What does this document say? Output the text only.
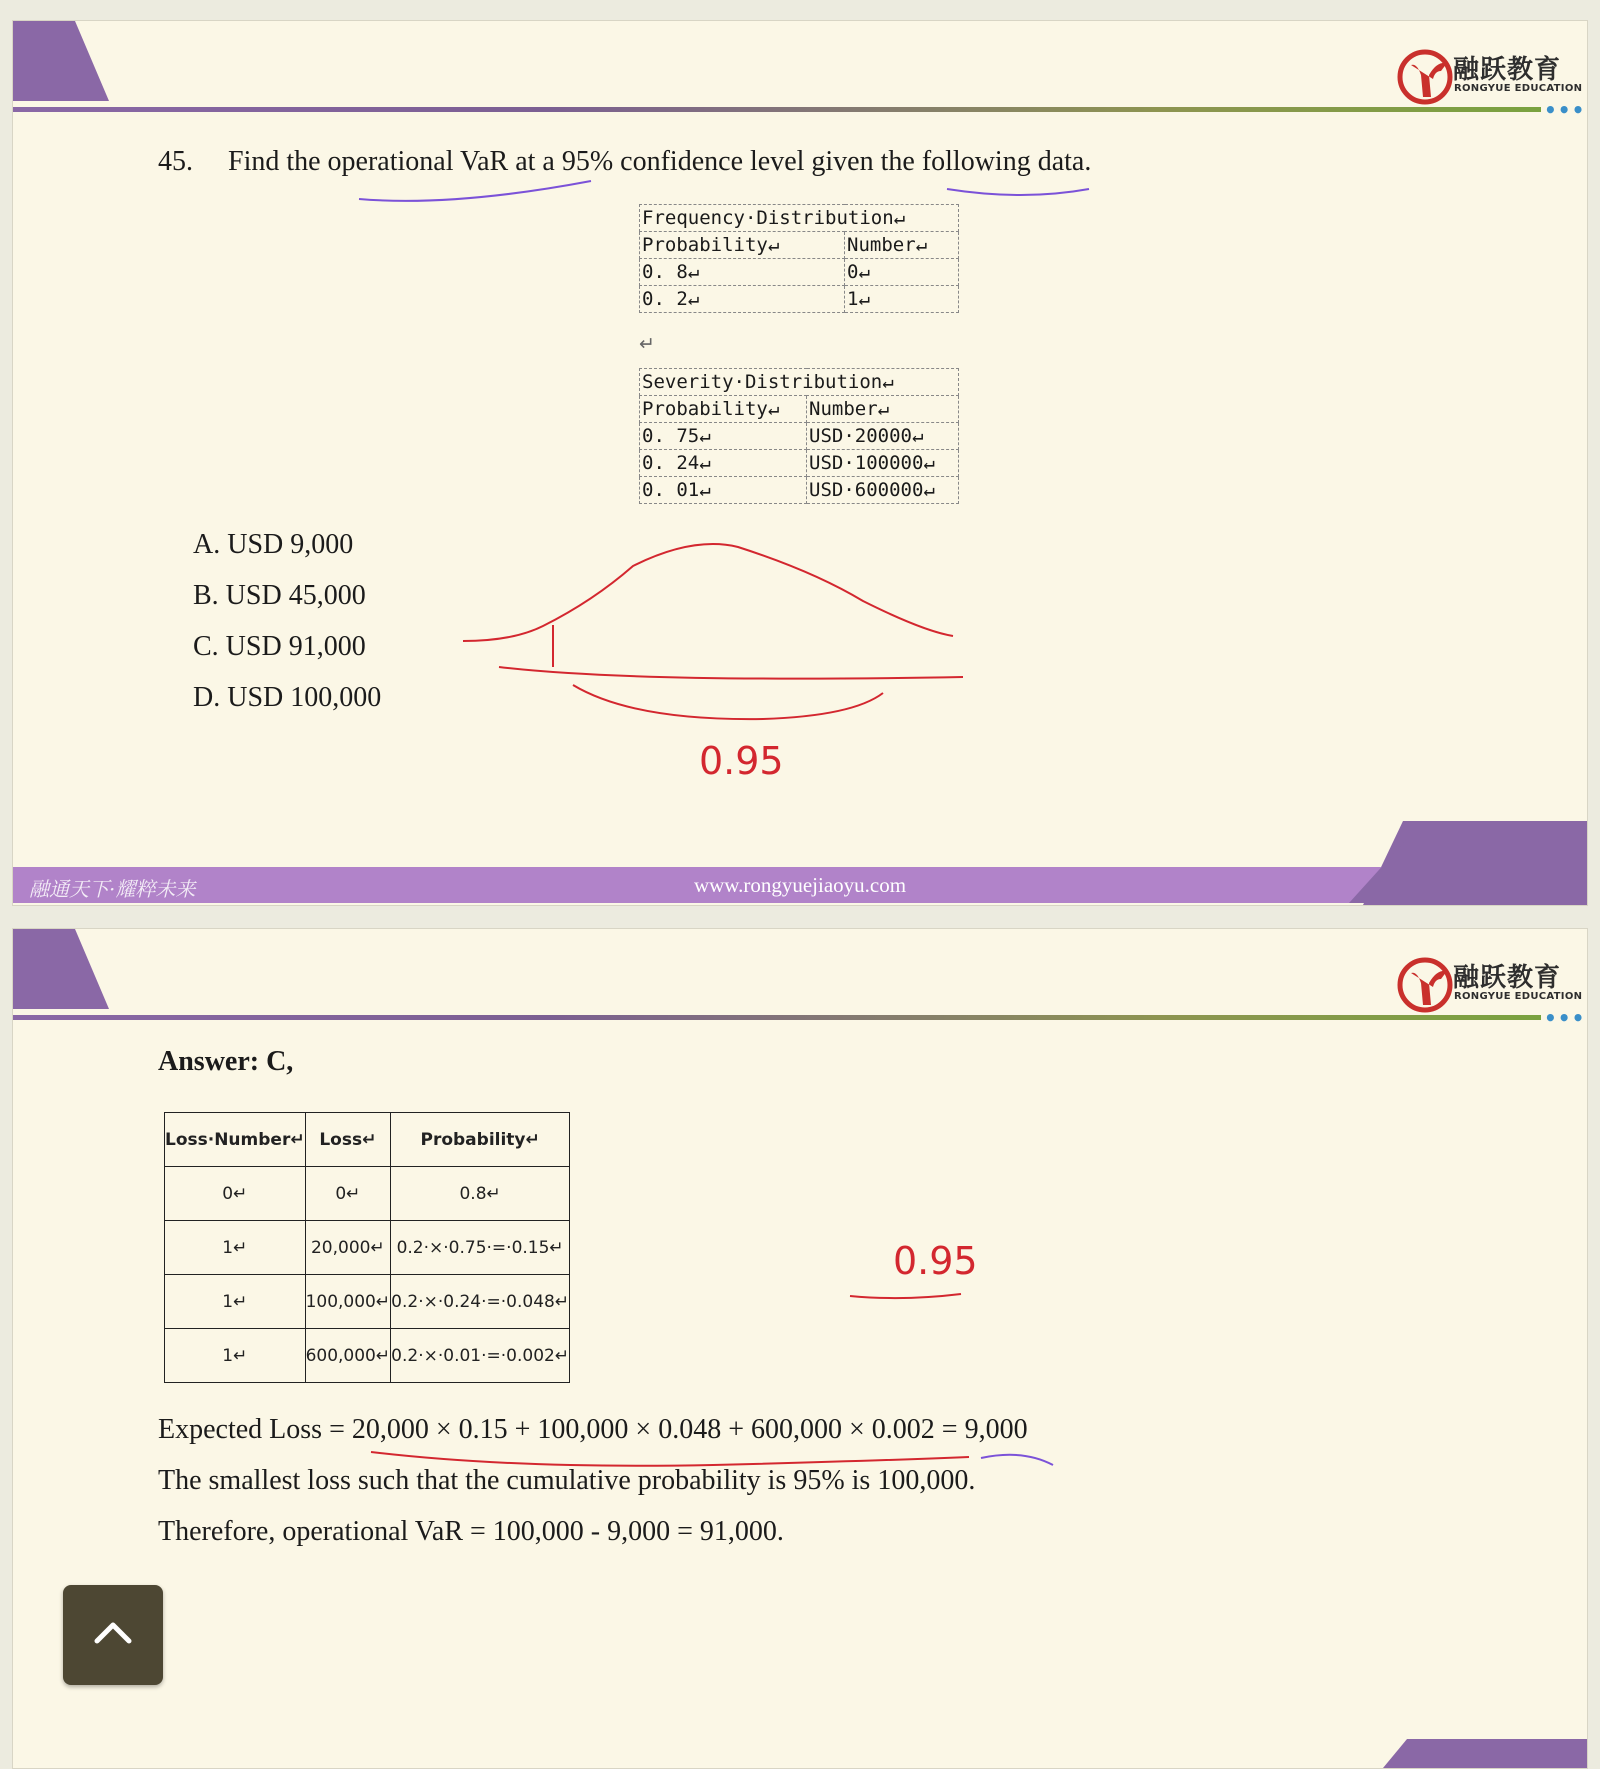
•••
融跃教育
RONGYUE EDUCATION
45. Find the operational VaR at a 95% confidence level given the following data.
Frequency·Distribution↵	
Probability↵	Number↵
0. 8↵	0↵
0. 2↵	1↵
↵
Severity·Distribution↵	
Probability↵	Number↵
0. 75↵	USD·20000↵
0. 24↵	USD·100000↵
0. 01↵	USD·600000↵
A. USD 9,000
B. USD 45,000
C. USD 91,000
D. USD 100,000
0.95
融通天下·耀粹未来	www.rongyuejiaoyu.com
•••
融跃教育
RONGYUE EDUCATION
Answer: C,
Loss·Number↵	Loss↵	Probability↵
0↵	0↵	0.8↵
1↵	20,000↵	0.2·×·0.75·=·0.15↵
1↵	100,000↵	0.2·×·0.24·=·0.048↵
1↵	600,000↵	0.2·×·0.01·=·0.002↵
Expected Loss = 20,000 × 0.15 + 100,000 × 0.048 + 600,000 × 0.002 = 9,000
The smallest loss such that the cumulative probability is 95% is 100,000.
Therefore, operational VaR = 100,000 - 9,000 = 91,000.
0.95
